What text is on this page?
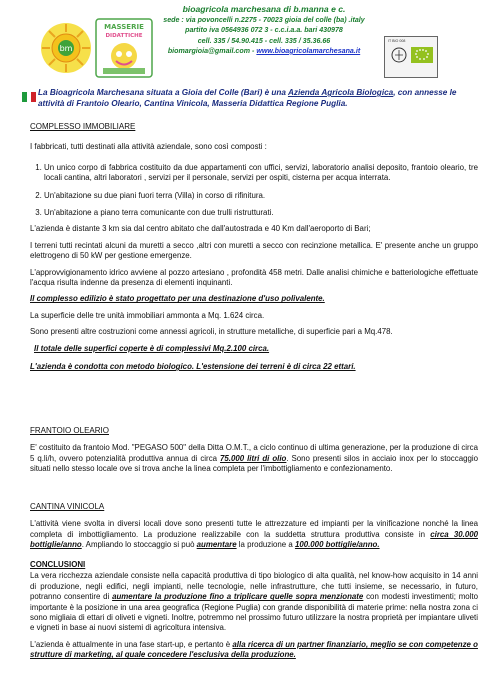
bm
MASSERIE
DIDATTICHE
bioagricola marchesana di b.manna e c.
sede : via povoncelli n.2275 - 70023 gioia del colle (ba) .italy
partito iva 0564936 072 3 - c.c.i.a.a. bari 430978
cell. 335 / 54.90.415 - cell. 335 / 35.36.66
biomargioia@gmail.com - www.bioagricolamarchesana.it
IT BIO 008
La Bioagricola Marchesana situata a Gioia del Colle (Bari) è una Azienda Agricola Biologica, con annesse le attività di Frantoio Oleario, Cantina Vinicola, Masseria Didattica Regione Puglia.
COMPLESSO IMMOBILIARE
I fabbricati, tutti destinati alla attività aziendale, sono così composti :
1. Un unico corpo di fabbrica costituito da due appartamenti con uffici, servizi, laboratorio analisi deposito, frantoio oleario, tre locali cantina, altri laboratori , servizi per il personale, servizi per ospiti, cisterna per acqua interrata.
2. Un'abitazione su due piani fuori terra (Villa) in corso di rifinitura.
3. Un'abitazione a piano terra comunicante con due trulli ristrutturati.
L'azienda è distante 3 km sia dal centro abitato che dall'autostrada e 40 Km dall'aeroporto di Bari;
I terreni tutti recintati alcuni da muretti a secco ,altri con muretti a secco con recinzione metallica. E' presente anche un gruppo elettrogeno di 50 kW per gestione emergenze.
L'approvvigionamento idrico avviene al pozzo artesiano , profondità 458 metri. Dalle analisi chimiche e batteriologiche effettuate l'acqua risulta indenne da presenza di elementi inquinanti.
Il complesso edilizio è stato progettato per una destinazione d'uso polivalente.
La superficie delle tre unità immobiliari ammonta a Mq. 1.624 circa.
Sono presenti altre costruzioni come annessi agricoli, in strutture metalliche, di superficie pari a Mq.478.
Il totale delle superfici coperte è di complessivi Mq.2.100 circa.
L'azienda è condotta con metodo biologico. L'estensione dei terreni è di circa 22 ettari.
FRANTOIO OLEARIO
E' costituito da frantoio Mod. "PEGASO 500" della Ditta O.M.T., a ciclo continuo di ultima generazione, per la produzione di circa 5 q.li/h, ovvero potenzialità produttiva annua di circa 75.000 litri di olio. Sono presenti silos in acciaio inox per lo stoccaggio situati nello stesso locale ove si trova anche la linea completa per l'imbottigliamento e confezionamento.
CANTINA VINICOLA
L'attività viene svolta in diversi locali dove sono presenti tutte le attrezzature ed impianti per la vinificazione nonché la linea completa di imbottigliamento. La produzione realizzabile con la suddetta struttura produttiva consiste in circa 30.000 bottiglie/anno. Ampliando lo stoccaggio si può aumentare la produzione a 100.000 bottiglie/anno.
CONCLUSIONI
La vera ricchezza aziendale consiste nella capacità produttiva di tipo biologico di alta qualità, nel know-how acquisito in 14 anni di produzione, negli edifici, negli impianti, nelle tecnologie, nelle infrastrutture, che tutti insieme, se necessario, in futuro, potranno consentire di aumentare la produzione fino a triplicare quelle sopra menzionate con modesti investimenti; molto importante è la posizione in una area geografica (Regione Puglia) con grande disponibilità di materie prime: nella nostra zona ci sono migliaia di ettari di oliveti e vigneti. Inoltre, potremmo nel prossimo futuro utilizzare la nostra proprietà per impiantare uliveti e vigneti in base ai nuovi sistemi di agricoltura intensiva.
L'azienda è attualmente in una fase start-up, e pertanto è alla ricerca di un partner finanziario, meglio se con competenze o strutture di marketing, al quale concedere l'esclusiva della produzione.
